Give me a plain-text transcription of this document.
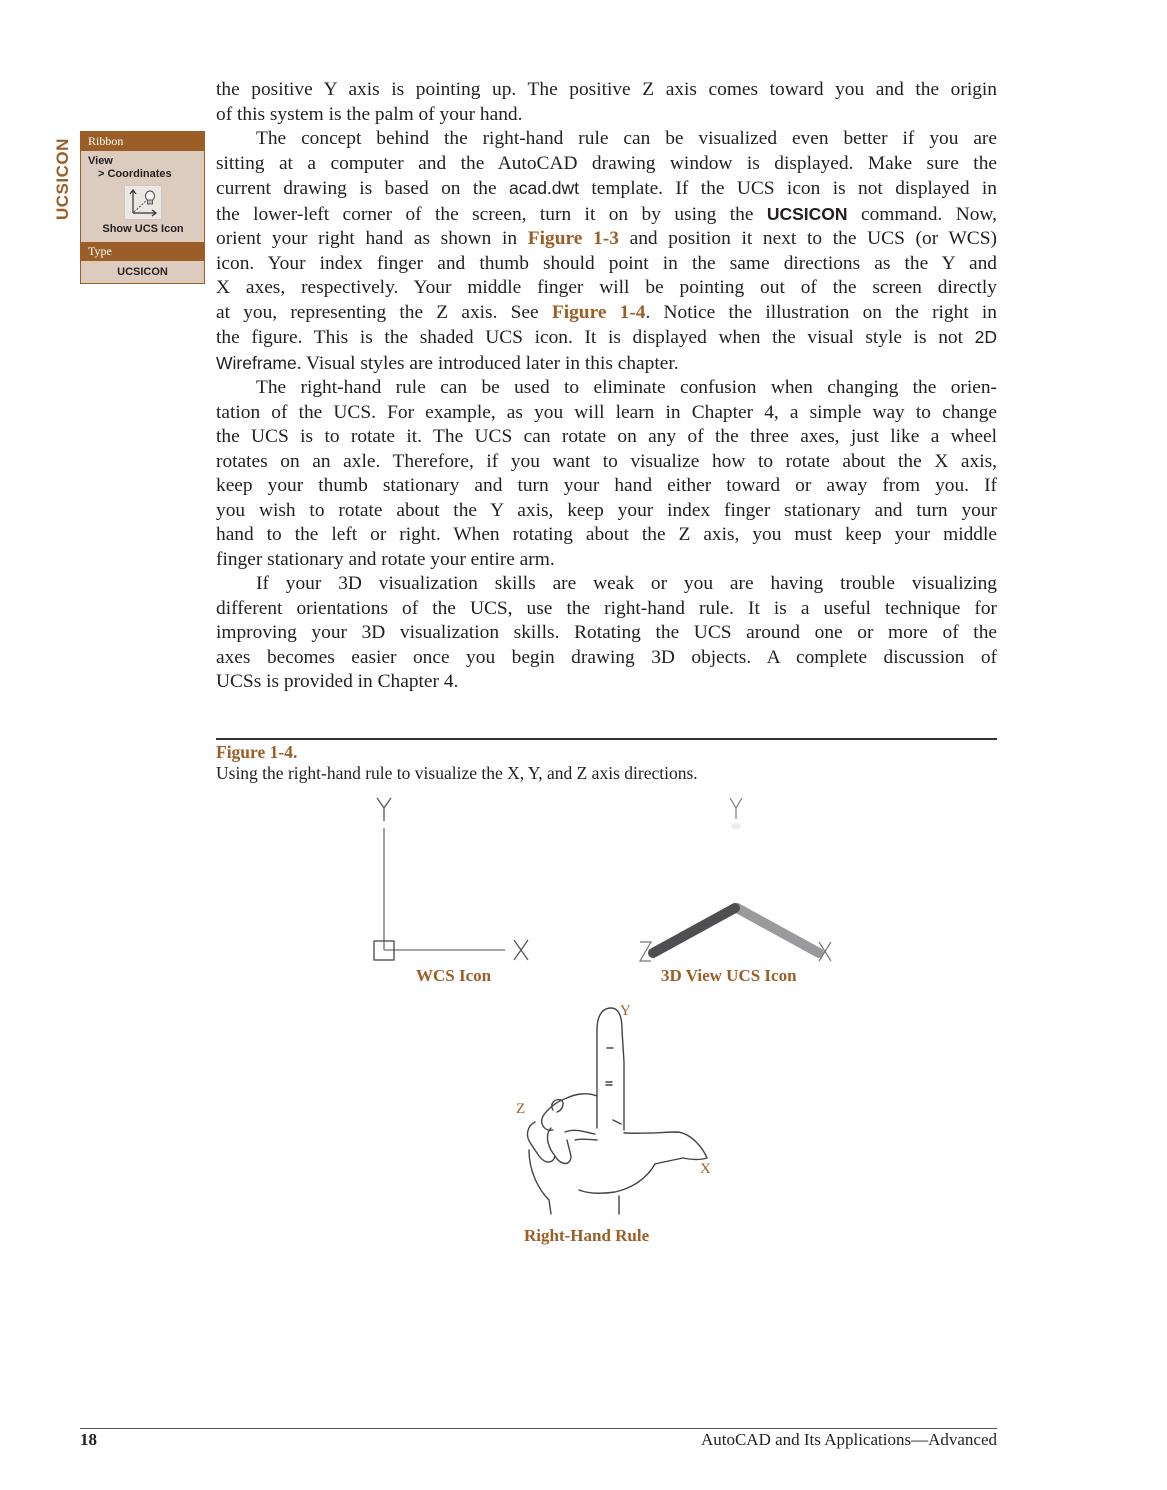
UCSICON	Ribbon
View
> Coordinates
Show UCS Icon
Type
UCSICON

the positive Y axis is pointing up. The positive Z axis comes toward you and the origin
of this system is the palm of your hand.

The concept behind the right-hand rule can be visualized even better if you are
sitting at a computer and the AutoCAD drawing window is displayed. Make sure the
current drawing is based on the acad.dwt template. If the UCS icon is not displayed in
the lower-left corner of the screen, turn it on by using the UCSICON command. Now,
orient your right hand as shown in Figure 1-3 and position it next to the UCS (or WCS)
icon. Your index finger and thumb should point in the same directions as the Y and
X axes, respectively. Your middle finger will be pointing out of the screen directly
at you, representing the Z axis. See Figure 1-4. Notice the illustration on the right in
the figure. This is the shaded UCS icon. It is displayed when the visual style is not 2D
Wireframe. Visual styles are introduced later in this chapter.

The right-hand rule can be used to eliminate confusion when changing the orien-
tation of the UCS. For example, as you will learn in Chapter 4, a simple way to change
the UCS is to rotate it. The UCS can rotate on any of the three axes, just like a wheel
rotates on an axle. Therefore, if you want to visualize how to rotate about the X axis,
keep your thumb stationary and turn your hand either toward or away from you. If
you wish to rotate about the Y axis, keep your index finger stationary and turn your
hand to the left or right. When rotating about the Z axis, you must keep your middle
finger stationary and rotate your entire arm.

If your 3D visualization skills are weak or you are having trouble visualizing
different orientations of the UCS, use the right-hand rule. It is a useful technique for
improving your 3D visualization skills. Rotating the UCS around one or more of the
axes becomes easier once you begin drawing 3D objects. A complete discussion of
UCSs is provided in Chapter 4.

Figure 1-4.
Using the right-hand rule to visualize the X, Y, and Z axis directions.
WCS Icon	3D View UCS Icon
Y
Z
X
Right-Hand Rule
18	AutoCAD and Its Applications—Advanced
